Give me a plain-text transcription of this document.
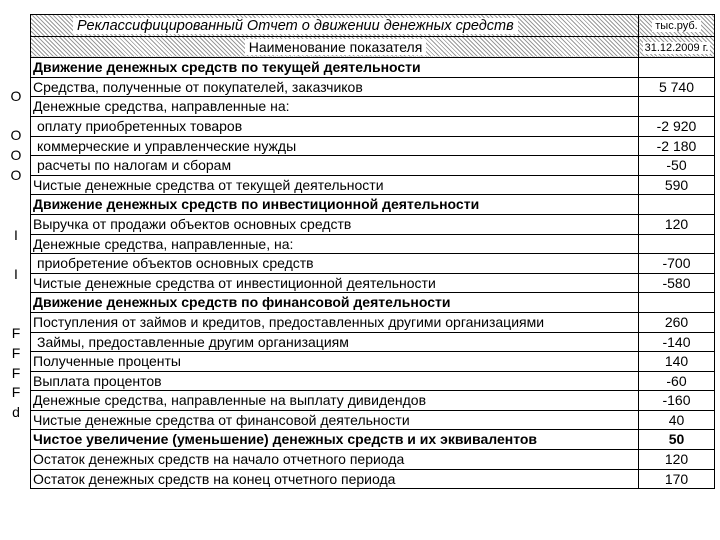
O
O
O
O
I
I
F
F
F
F
d
Реклассифицированный Отчет о движении денежных средств	тыс.руб.
Наименование показателя	31.12.2009 г.
Движение денежных средств по текущей деятельности	
Средства, полученные от покупателей, заказчиков	5 740
Денежные средства, направленные на:	
оплату приобретенных товаров	-2 920
коммерческие и управленческие нужды	-2 180
расчеты по налогам и сборам	-50
Чистые денежные средства от текущей деятельности	590
Движение денежных средств по инвестиционной деятельности	
Выручка от продажи объектов основных средств	120
Денежные средства, направленные, на:	
приобретение объектов основных средств	-700
Чистые денежные средства от инвестиционной деятельности	-580
Движение денежных средств по финансовой деятельности	
Поступления от займов и кредитов, предоставленных другими организациями	260
Займы, предоставленные другим организациям	-140
Полученные проценты	140
Выплата процентов	-60
Денежные средства, направленные на выплату дивидендов	-160
Чистые денежные средства от финансовой деятельности	40
Чистое увеличение (уменьшение) денежных средств и их эквивалентов	50
Остаток денежных средств на начало отчетного периода	120
Остаток денежных средств на конец отчетного периода	170
